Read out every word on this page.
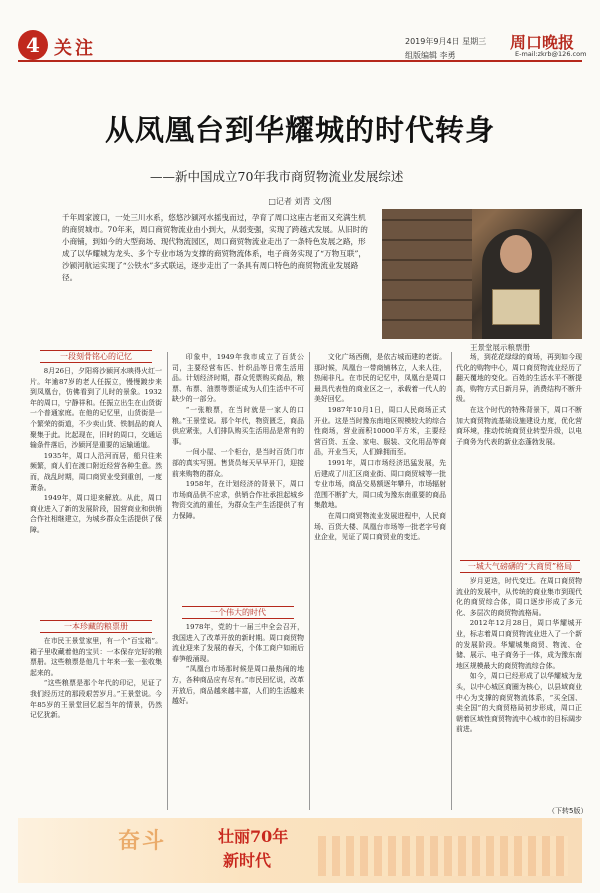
4 关注	2019年9月4日 星期三
组版编辑 李勇
周口晚报
E-mail:zkrb@126.com
从凤凰台到华耀城的时代转身
——新中国成立70年我市商贸物流业发展综述
□记者 刘青 文/图
千年周家渡口，一处三川水系，悠悠沙颍河水摇曳而过，孕育了周口这座古老而又充满生机的商贸城市。70年来，周口商贸物流业由小到大，从弱变强，实现了跨越式发展。从旧时的小商铺，到如今的大型商场、现代物流园区，周口商贸物流业走出了一条特色发展之路，形成了以华耀城为龙头、多个专业市场为支撑的商贸物流体系，电子商务实现了“万物互联”，沙颍河航运实现了“公铁水”多式联运，逐步走出了一条具有周口特色的商贸物流业发展路径。
王景堂展示粮票册
一段刻骨铭心的记忆

8月26日，夕阳将沙颍河水映得火红一片。年逾87岁的老人任振立，慢慢踱步来到凤凰台，仿佛看到了儿时的景象。1932年的周口，宁静祥和。任振立出生在山货街一个普通家庭。在他的记忆里，山货街是一个繁荣的街道，不少卖山货、铁制品的商人聚集于此。比起现在，旧时的周口，交通运输条件落后，沙颍河是重要的运输通道。

1935年，周口人沿河而居，船只往来频繁，商人们在渡口附近经营各种生意。然而，战乱时期，周口商贸业受到重创，一度萧条。

1949年，周口迎来解放。从此，周口商业进入了新的发展阶段，国营商业和供销合作社相继建立，为城乡群众生活提供了保障。

一本珍藏的粮票册

在市民王景堂家里，有一个“百宝箱”。箱子里收藏着他的宝贝：一本保存完好的粮票册。这些粮票是他几十年来一张一张收集起来的。

“这些粮票是那个年代的印记，见证了我们经历过的那段艰苦岁月。”王景堂说。今年85岁的王景堂回忆起当年的情景，仍然记忆犹新。

印象中，1949年我市成立了百货公司，主要经营布匹、针织品等日常生活用品。计划经济时期，群众凭票购买商品，粮票、布票、油票等票证成为人们生活中不可缺少的一部分。

“一张粮票，在当时就是一家人的口粮。”王景堂说。那个年代，物资匮乏，商品供应紧张，人们排队购买生活用品是常有的事。

一间小屋、一个柜台，是当时百货门市部的真实写照。售货员每天早早开门，迎接前来购物的群众。

1958年，在计划经济的背景下，周口市场商品供不应求，供销合作社承担起城乡物资交流的重任，为群众生产生活提供了有力保障。

一个伟大的时代

1978年，党的十一届三中全会召开，我国进入了改革开放的新时期。周口商贸物流业迎来了发展的春天，个体工商户如雨后春笋般涌现。

“凤凰台市场那时候是周口最热闹的地方，各种商品应有尽有。”市民回忆说，改革开放后，商品越来越丰富，人们的生活越来越好。

文化广场西侧，是依古城而建的老街。那时候，凤凰台一带商铺林立，人来人往，热闹非凡。在市民的记忆中，凤凰台是周口最具代表性的商业区之一，承载着一代人的美好回忆。

1987年10月1日，周口人民商场正式开业。这是当时豫东南地区规模较大的综合性商场，营业面积10000平方米，主要经营百货、五金、家电、服装、文化用品等商品，开业当天，人们蜂拥而至。

1991年，周口市场经济迅猛发展，先后建成了川汇区商业街、周口商贸城等一批专业市场，商品交易额逐年攀升，市场辐射范围不断扩大，周口成为豫东南重要的商品集散地。

在周口商贸物流业发展进程中，人民商场、百货大楼、凤凰台市场等一批老字号商业企业，见证了周口商贸业的变迁。

场，到花花绿绿的商场，再到如今现代化的购物中心，周口商贸物流业经历了翻天覆地的变化。百姓的生活水平不断提高，购物方式日新月异，消费结构不断升级。

在这个时代的特殊背景下，周口不断加大商贸物流基础设施建设力度，优化营商环境，推动传统商贸业转型升级，以电子商务为代表的新业态蓬勃发展。

一城大气磅礴的“大商贸”格局

岁月更迭，时代变迁。在周口商贸物流业的发展中，从传统的商业集市到现代化的商贸综合体，周口逐步形成了多元化、多层次的商贸物流格局。

2012年12月28日，周口华耀城开业，标志着周口商贸物流业进入了一个新的发展阶段。华耀城集商贸、物流、仓储、展示、电子商务于一体，成为豫东南地区规模最大的商贸物流综合体。

如今，周口已经形成了以华耀城为龙头，以中心城区商圈为核心，以县域商业中心为支撑的商贸物流体系，“买全国、卖全国”的大商贸格局初步形成，周口正朝着区域性商贸物流中心城市的目标阔步前进。

（下转5版）
奋斗	壮丽70年
新时代
